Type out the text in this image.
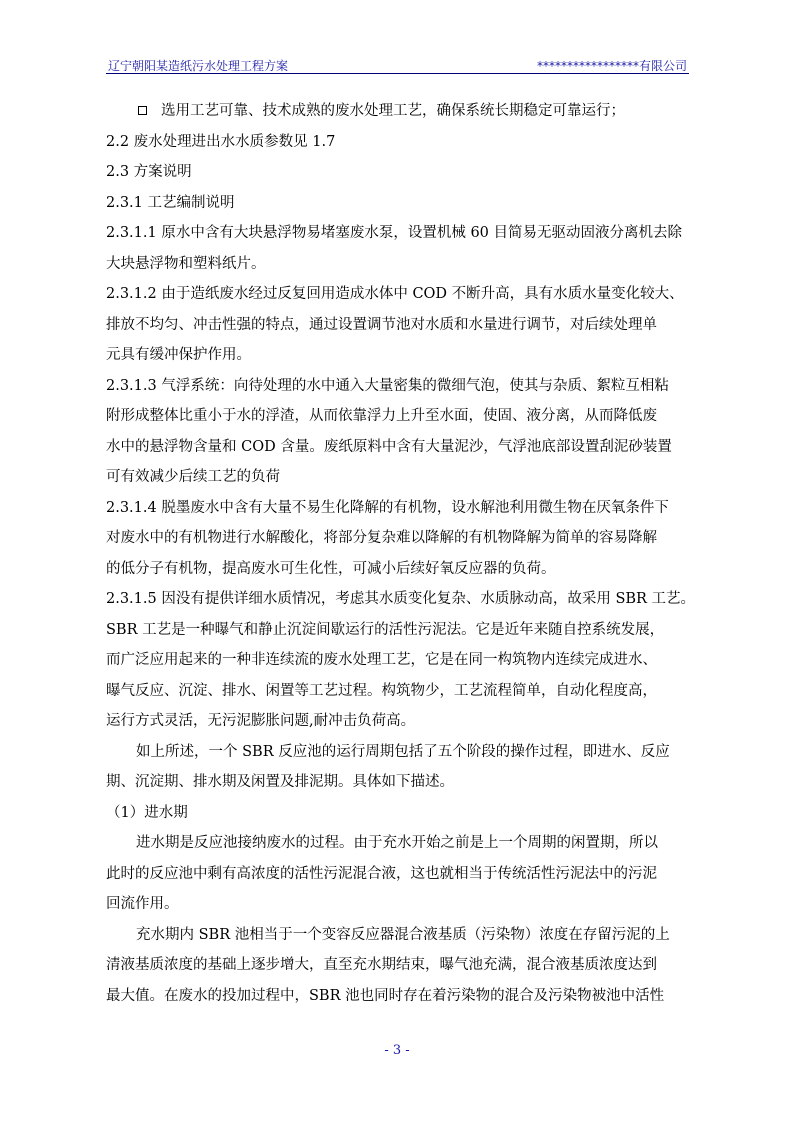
辽宁朝阳某造纸污水处理工程方案	*****************有限公司
选用工艺可靠、技术成熟的废水处理工艺，确保系统长期稳定可靠运行；
2.2 废水处理进出水水质参数见 1.7
2.3 方案说明
2.3.1 工艺编制说明
2.3.1.1 原水中含有大块悬浮物易堵塞废水泵，设置机械 60 目简易无驱动固液分离机去除
大块悬浮物和塑料纸片。
2.3.1.2 由于造纸废水经过反复回用造成水体中 COD 不断升高，具有水质水量变化较大、
排放不均匀、冲击性强的特点，通过设置调节池对水质和水量进行调节，对后续处理单
元具有缓冲保护作用。
2.3.1.3 气浮系统：向待处理的水中通入大量密集的微细气泡，使其与杂质、絮粒互相粘
附形成整体比重小于水的浮渣，从而依靠浮力上升至水面，使固、液分离，从而降低废
水中的悬浮物含量和 COD 含量。废纸原料中含有大量泥沙，气浮池底部设置刮泥砂装置
可有效减少后续工艺的负荷
2.3.1.4 脱墨废水中含有大量不易生化降解的有机物，设水解池利用微生物在厌氧条件下
对废水中的有机物进行水解酸化，将部分复杂难以降解的有机物降解为简单的容易降解
的低分子有机物，提高废水可生化性，可减小后续好氧反应器的负荷。
2.3.1.5 因没有提供详细水质情况，考虑其水质变化复杂、水质脉动高，故采用 SBR 工艺。
SBR 工艺是一种曝气和静止沉淀间歇运行的活性污泥法。它是近年来随自控系统发展，
而广泛应用起来的一种非连续流的废水处理工艺，它是在同一构筑物内连续完成进水、
曝气反应、沉淀、排水、闲置等工艺过程。构筑物少，工艺流程简单，自动化程度高，
运行方式灵活，无污泥膨胀问题,耐冲击负荷高。
如上所述，一个 SBR 反应池的运行周期包括了五个阶段的操作过程，即进水、反应
期、沉淀期、排水期及闲置及排泥期。具体如下描述。
（1）进水期
进水期是反应池接纳废水的过程。由于充水开始之前是上一个周期的闲置期，所以
此时的反应池中剩有高浓度的活性污泥混合液，这也就相当于传统活性污泥法中的污泥
回流作用。
充水期内 SBR 池相当于一个变容反应器混合液基质（污染物）浓度在存留污泥的上
清液基质浓度的基础上逐步增大，直至充水期结束，曝气池充满，混合液基质浓度达到
最大值。在废水的投加过程中，SBR 池也同时存在着污染物的混合及污染物被池中活性
- 3 -
